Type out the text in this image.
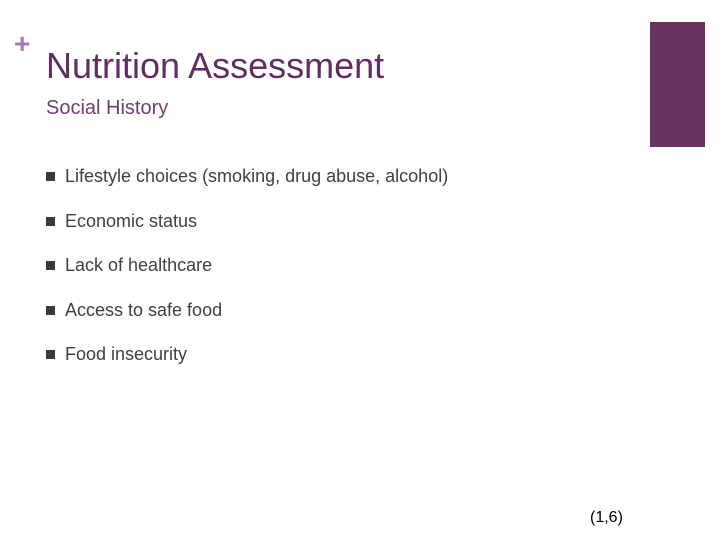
+
Nutrition Assessment
Social History
Lifestyle choices (smoking, drug abuse, alcohol)
Economic status
Lack of healthcare
Access to safe food
Food insecurity
(1,6)
